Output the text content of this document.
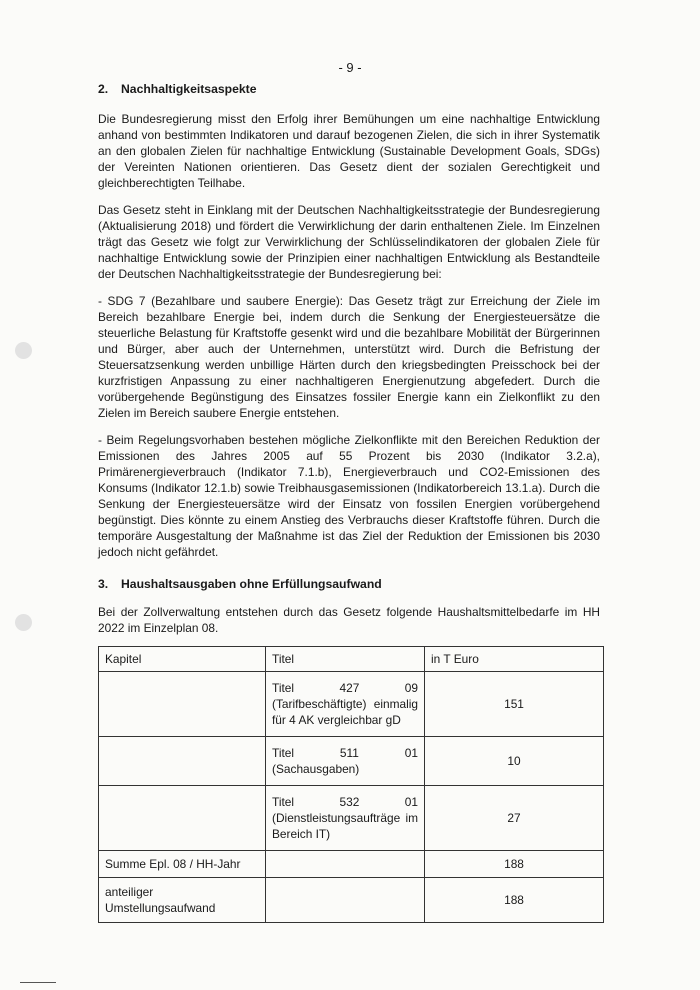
- 9 -
2. Nachhaltigkeitsaspekte

Die Bundesregierung misst den Erfolg ihrer Bemühungen um eine nachhaltige Entwicklung anhand von bestimmten Indikatoren und darauf bezogenen Zielen, die sich in ihrer Systematik an den globalen Zielen für nachhaltige Entwicklung (Sustainable Development Goals, SDGs) der Vereinten Nationen orientieren. Das Gesetz dient der sozialen Gerechtigkeit und gleichberechtigten Teilhabe.

Das Gesetz steht in Einklang mit der Deutschen Nachhaltigkeitsstrategie der Bundesregierung (Aktualisierung 2018) und fördert die Verwirklichung der darin enthaltenen Ziele. Im Einzelnen trägt das Gesetz wie folgt zur Verwirklichung der Schlüsselindikatoren der globalen Ziele für nachhaltige Entwicklung sowie der Prinzipien einer nachhaltigen Entwicklung als Bestandteile der Deutschen Nachhaltigkeitsstrategie der Bundesregierung bei:

- SDG 7 (Bezahlbare und saubere Energie): Das Gesetz trägt zur Erreichung der Ziele im Bereich bezahlbare Energie bei, indem durch die Senkung der Energiesteuersätze die steuerliche Belastung für Kraftstoffe gesenkt wird und die bezahlbare Mobilität der Bürgerinnen und Bürger, aber auch der Unternehmen, unterstützt wird. Durch die Befristung der Steuersatzsenkung werden unbillige Härten durch den kriegsbedingten Preisschock bei der kurzfristigen Anpassung zu einer nachhaltigeren Energienutzung abgefedert. Durch die vorübergehende Begünstigung des Einsatzes fossiler Energie kann ein Zielkonflikt zu den Zielen im Bereich saubere Energie entstehen.

- Beim Regelungsvorhaben bestehen mögliche Zielkonflikte mit den Bereichen Reduktion der Emissionen des Jahres 2005 auf 55 Prozent bis 2030 (Indikator 3.2.a), Primärenergieverbrauch (Indikator 7.1.b), Energieverbrauch und CO2-Emissionen des Konsums (Indikator 12.1.b) sowie Treibhausgasemissionen (Indikatorbereich 13.1.a). Durch die Senkung der Energiesteuersätze wird der Einsatz von fossilen Energien vorübergehend begünstigt. Dies könnte zu einem Anstieg des Verbrauchs dieser Kraftstoffe führen. Durch die temporäre Ausgestaltung der Maßnahme ist das Ziel der Reduktion der Emissionen bis 2030 jedoch nicht gefährdet.

3. Haushaltsausgaben ohne Erfüllungsaufwand

Bei der Zollverwaltung entstehen durch das Gesetz folgende Haushaltsmittelbedarfe im HH 2022 im Einzelplan 08.

Kapitel	Titel	in T Euro
	Titel 427 09 (Tarifbeschäftigte) einmalig für 4 AK vergleichbar gD	151
	Titel 511 01 (Sachausgaben)	10
	Titel 532 01 (Dienstleistungsaufträge im Bereich IT)	27
Summe Epl. 08 / HH-Jahr		188
anteiliger Umstellungsaufwand		188
